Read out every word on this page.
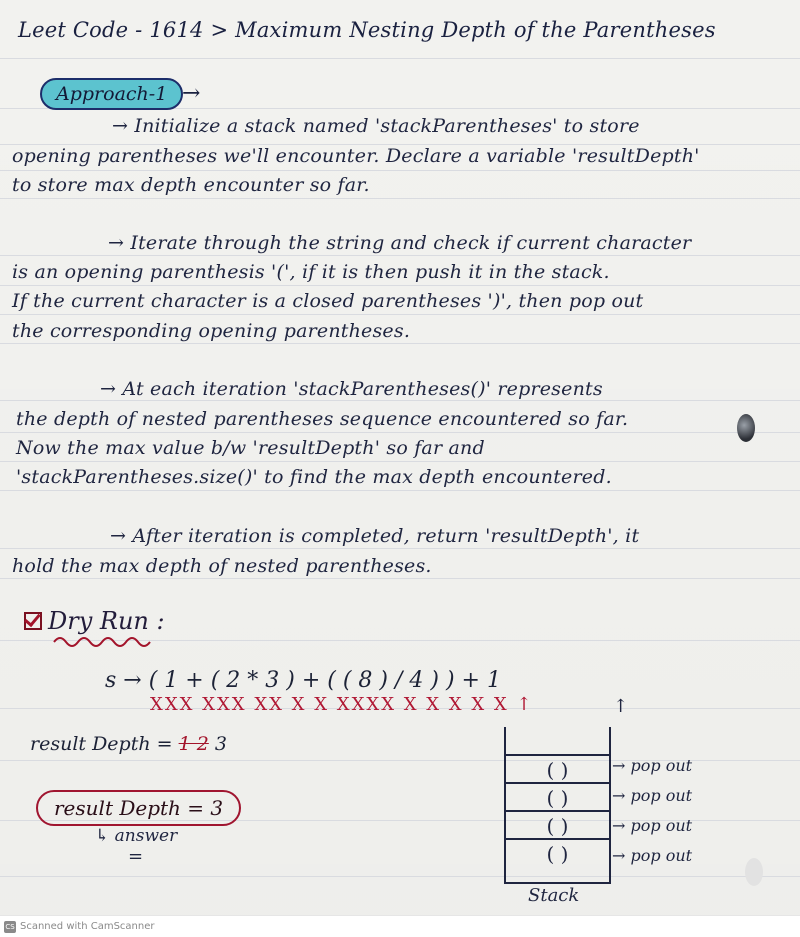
Leet Code - 1614 > Maximum Nesting Depth of the Parentheses
Approach-1 →
→ Initialize a stack named 'stackParentheses' to store
opening parentheses we'll encounter. Declare a variable 'resultDepth'
to store max depth encounter so far.
→ Iterate through the string and check if current character
is an opening parenthesis '(', if it is then push it in the stack.
If the current character is a closed parentheses ')', then pop out
the corresponding opening parentheses.
→ At each iteration 'stackParentheses()' represents
the depth of nested parentheses sequence encountered so far.
Now the max value b/w 'resultDepth' so far and
'stackParentheses.size()' to find the max depth encountered.
→ After iteration is completed, return 'resultDepth', it
hold the max depth of nested parentheses.
Dry Run :
s → ( 1 + ( 2 * 3 ) + ( ( 8 ) / 4 ) ) + 1
XXX XXX XX X X XXXX X X X X X ↑
result Depth = 1 2 3
result Depth = 3
↳ answer
=
( )
( )
( )
( )
↑
→ pop out
→ pop out
→ pop out
→ pop out
Stack
CS Scanned with CamScanner
